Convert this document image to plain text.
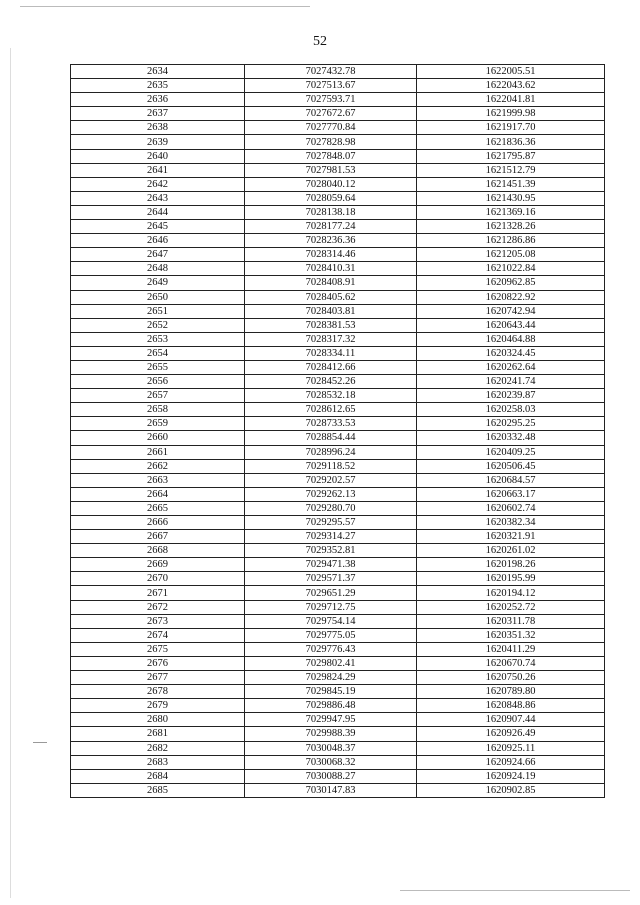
52
2634	7027432.78	1622005.51
2635	7027513.67	1622043.62
2636	7027593.71	1622041.81
2637	7027672.67	1621999.98
2638	7027770.84	1621917.70
2639	7027828.98	1621836.36
2640	7027848.07	1621795.87
2641	7027981.53	1621512.79
2642	7028040.12	1621451.39
2643	7028059.64	1621430.95
2644	7028138.18	1621369.16
2645	7028177.24	1621328.26
2646	7028236.36	1621286.86
2647	7028314.46	1621205.08
2648	7028410.31	1621022.84
2649	7028408.91	1620962.85
2650	7028405.62	1620822.92
2651	7028403.81	1620742.94
2652	7028381.53	1620643.44
2653	7028317.32	1620464.88
2654	7028334.11	1620324.45
2655	7028412.66	1620262.64
2656	7028452.26	1620241.74
2657	7028532.18	1620239.87
2658	7028612.65	1620258.03
2659	7028733.53	1620295.25
2660	7028854.44	1620332.48
2661	7028996.24	1620409.25
2662	7029118.52	1620506.45
2663	7029202.57	1620684.57
2664	7029262.13	1620663.17
2665	7029280.70	1620602.74
2666	7029295.57	1620382.34
2667	7029314.27	1620321.91
2668	7029352.81	1620261.02
2669	7029471.38	1620198.26
2670	7029571.37	1620195.99
2671	7029651.29	1620194.12
2672	7029712.75	1620252.72
2673	7029754.14	1620311.78
2674	7029775.05	1620351.32
2675	7029776.43	1620411.29
2676	7029802.41	1620670.74
2677	7029824.29	1620750.26
2678	7029845.19	1620789.80
2679	7029886.48	1620848.86
2680	7029947.95	1620907.44
2681	7029988.39	1620926.49
2682	7030048.37	1620925.11
2683	7030068.32	1620924.66
2684	7030088.27	1620924.19
2685	7030147.83	1620902.85
